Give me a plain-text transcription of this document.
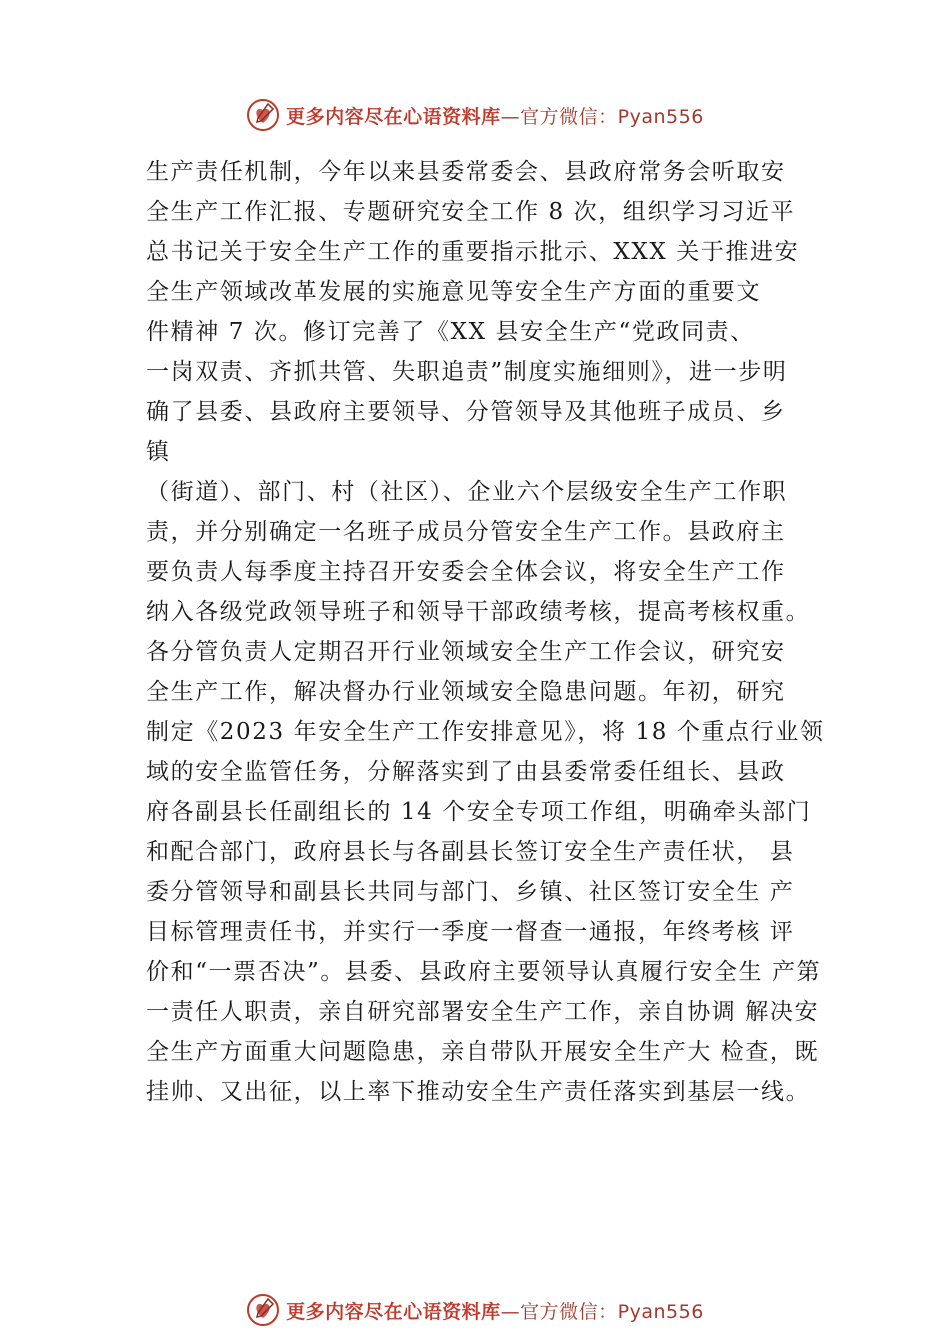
更多内容尽在心语资料库—官方微信：Pyan556

生产责任机制，今年以来县委常委会、县政府常务会听取安

全生产工作汇报、专题研究安全工作 8 次，组织学习习近平

总书记关于安全生产工作的重要指示批示、XXX 关于推进安

全生产领域改革发展的实施意见等安全生产方面的重要文

件精神 7 次。修订完善了《XX 县安全生产“党政同责、

一岗双责、齐抓共管、失职追责”制度实施细则》，进一步明

确了县委、县政府主要领导、分管领导及其他班子成员、乡

镇

（街道）、部门、村（社区）、企业六个层级安全生产工作职

责，并分别确定一名班子成员分管安全生产工作。县政府主

要负责人每季度主持召开安委会全体会议，将安全生产工作

纳入各级党政领导班子和领导干部政绩考核，提高考核权重。

各分管负责人定期召开行业领域安全生产工作会议，研究安

全生产工作，解决督办行业领域安全隐患问题。年初，研究

制定《2023 年安全生产工作安排意见》，将 18 个重点行业领

域的安全监管任务，分解落实到了由县委常委任组长、县政

府各副县长任副组长的 14 个安全专项工作组，明确牵头部门

和配合部门，政府县长与各副县长签订安全生产责任状， 县

委分管领导和副县长共同与部门、乡镇、社区签订安全生 产

目标管理责任书，并实行一季度一督查一通报，年终考核 评

价和“一票否决”。县委、县政府主要领导认真履行安全生 产第

一责任人职责，亲自研究部署安全生产工作，亲自协调 解决安

全生产方面重大问题隐患，亲自带队开展安全生产大 检查，既

挂帅、又出征，以上率下推动安全生产责任落实到基层一线。

更多内容尽在心语资料库—官方微信：Pyan556
